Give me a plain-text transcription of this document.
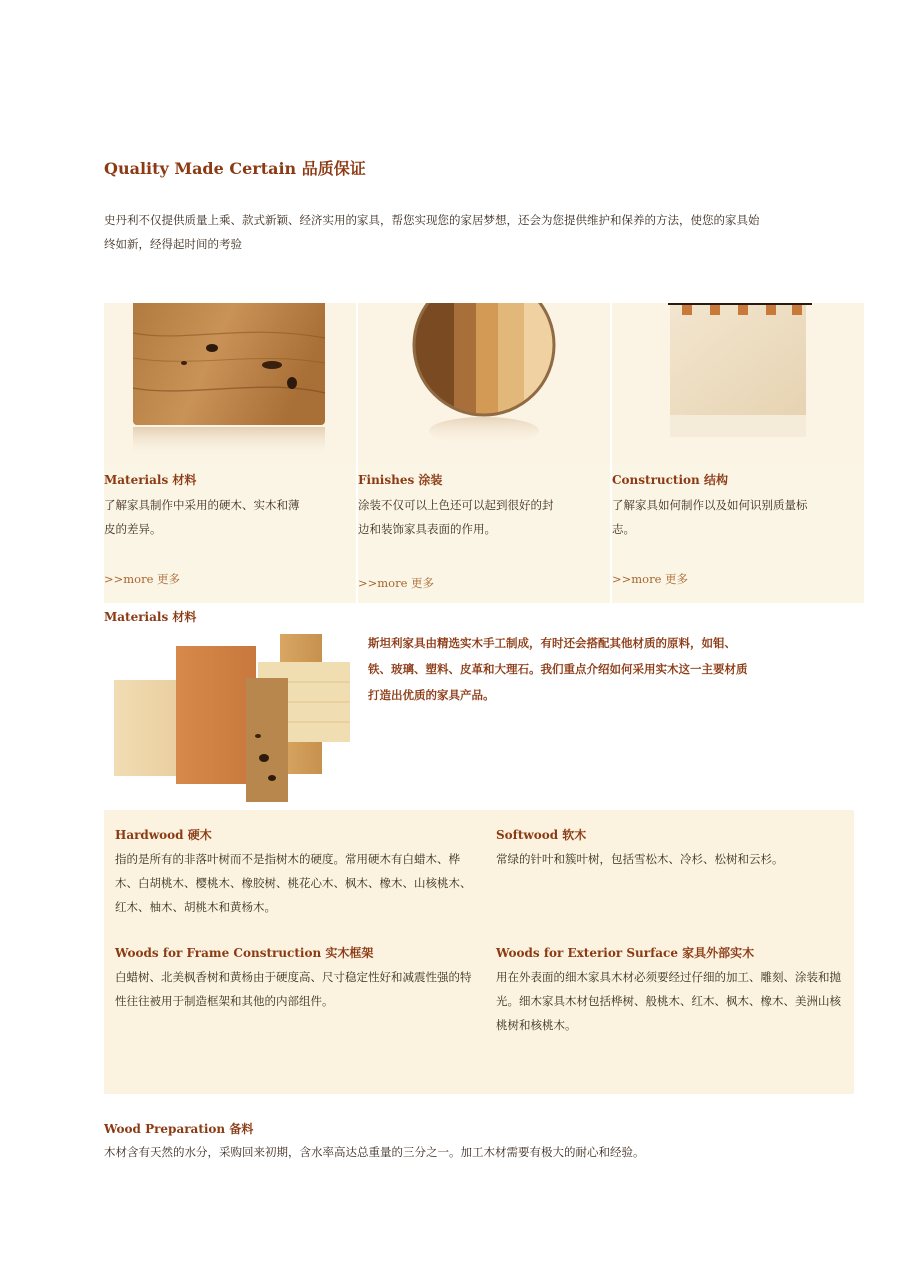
Quality Made Certain 品质保证
史丹利不仅提供质量上乘、款式新颖、经济实用的家具，帮您实现您的家居梦想，还会为您提供维护和保养的方法，使您的家具始终如新，经得起时间的考验
Materials 材料
了解家具制作中采用的硬木、实木和薄皮的差异。
>>more 更多
Finishes 涂装
涂装不仅可以上色还可以起到很好的封边和装饰家具表面的作用。
>>more 更多
Construction 结构
了解家具如何制作以及如何识别质量标志。
>>more 更多
Materials 材料
斯坦利家具由精选实木手工制成，有时还会搭配其他材质的原料，如钼、铁、玻璃、塑料、皮革和大理石。我们重点介绍如何采用实木这一主要材质打造出优质的家具产品。
Hardwood 硬木
指的是所有的非落叶树而不是指树木的硬度。常用硬木有白蜡木、桦木、白胡桃木、樱桃木、橡胶树、桃花心木、枫木、橡木、山核桃木、红木、柚木、胡桃木和黄杨木。
Softwood 软木
常绿的针叶和簇叶树，包括雪松木、冷杉、松树和云杉。
Woods for Frame Construction 实木框架
白蜡树、北美枫香树和黄杨由于硬度高、尺寸稳定性好和减震性强的特性往往被用于制造框架和其他的内部组件。
Woods for Exterior Surface 家具外部实木
用在外表面的细木家具木材必须要经过仔细的加工、雕刻、涂装和抛光。细木家具木材包括桦树、般桃木、红木、枫木、橡木、美洲山核桃树和核桃木。
Wood Preparation 备料
木材含有天然的水分，采购回来初期，含水率高达总重量的三分之一。加工木材需要有极大的耐心和经验。
